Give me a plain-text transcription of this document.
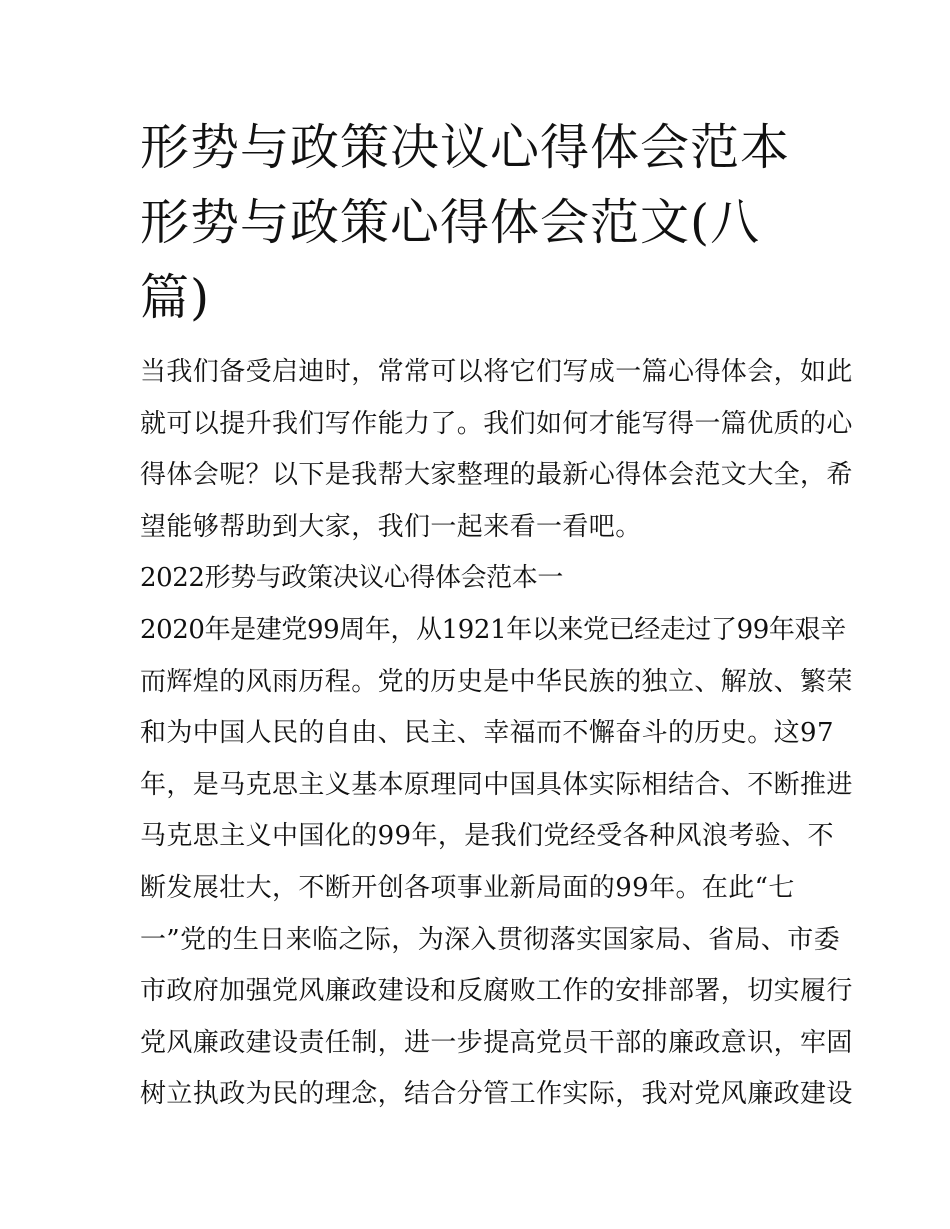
形势与政策决议心得体会范本
形势与政策心得体会范文(八
篇)
当我们备受启迪时，常常可以将它们写成一篇心得体会，如此
就可以提升我们写作能力了。我们如何才能写得一篇优质的心
得体会呢？以下是我帮大家整理的最新心得体会范文大全，希
望能够帮助到大家，我们一起来看一看吧。
2022形势与政策决议心得体会范本一
2020年是建党99周年，从1921年以来党已经走过了99年艰辛
而辉煌的风雨历程。党的历史是中华民族的独立、解放、繁荣
和为中国人民的自由、民主、幸福而不懈奋斗的历史。这97
年，是马克思主义基本原理同中国具体实际相结合、不断推进
马克思主义中国化的99年，是我们党经受各种风浪考验、不
断发展壮大，不断开创各项事业新局面的99年。在此“七
一”党的生日来临之际，为深入贯彻落实国家局、省局、市委
市政府加强党风廉政建设和反腐败工作的安排部署，切实履行
党风廉政建设责任制，进一步提高党员干部的廉政意识，牢固
树立执政为民的理念，结合分管工作实际，我对党风廉政建设
